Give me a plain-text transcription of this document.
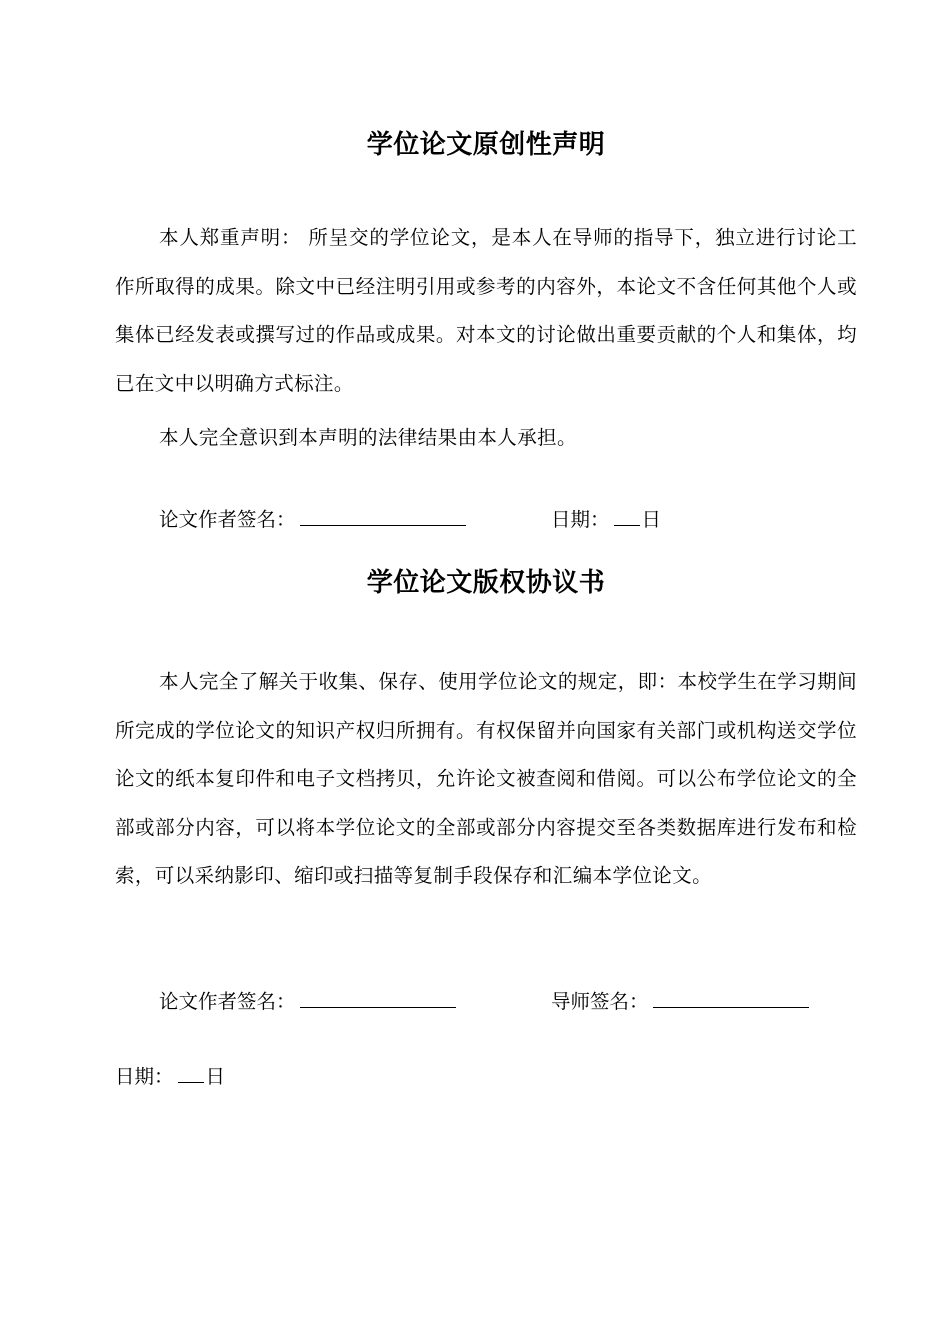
学位论文原创性声明
本人郑重声明： 所呈交的学位论文，是本人在导师的指导下，独立进行讨论工作所取得的成果。除文中已经注明引用或参考的内容外，本论文不含任何其他个人或集体已经发表或撰写过的作品或成果。对本文的讨论做出重要贡献的个人和集体，均已在文中以明确方式标注。
本人完全意识到本声明的法律结果由本人承担。
论文作者签名：	日期： 日
学位论文版权协议书
本人完全了解关于收集、保存、使用学位论文的规定，即：本校学生在学习期间所完成的学位论文的知识产权归所拥有。有权保留并向国家有关部门或机构送交学位论文的纸本复印件和电子文档拷贝，允许论文被查阅和借阅。可以公布学位论文的全部或部分内容，可以将本学位论文的全部或部分内容提交至各类数据库进行发布和检索，可以采纳影印、缩印或扫描等复制手段保存和汇编本学位论文。
论文作者签名：	导师签名：
日期： 日
